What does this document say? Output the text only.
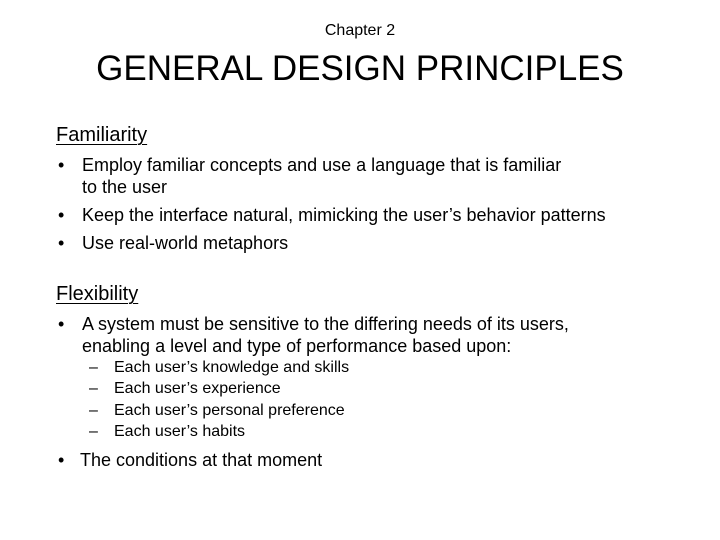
Chapter 2

GENERAL DESIGN PRINCIPLES

Familiarity

• Employ familiar concepts and use a language that is familiar

to the user

• Keep the interface natural, mimicking the user’s behavior patterns

• Use real-world metaphors

Flexibility

• A system must be sensitive to the differing needs of its users,

enabling a level and type of performance based upon:

– Each user’s knowledge and skills

– Each user’s experience

– Each user’s personal preference

– Each user’s habits

• The conditions at that moment
